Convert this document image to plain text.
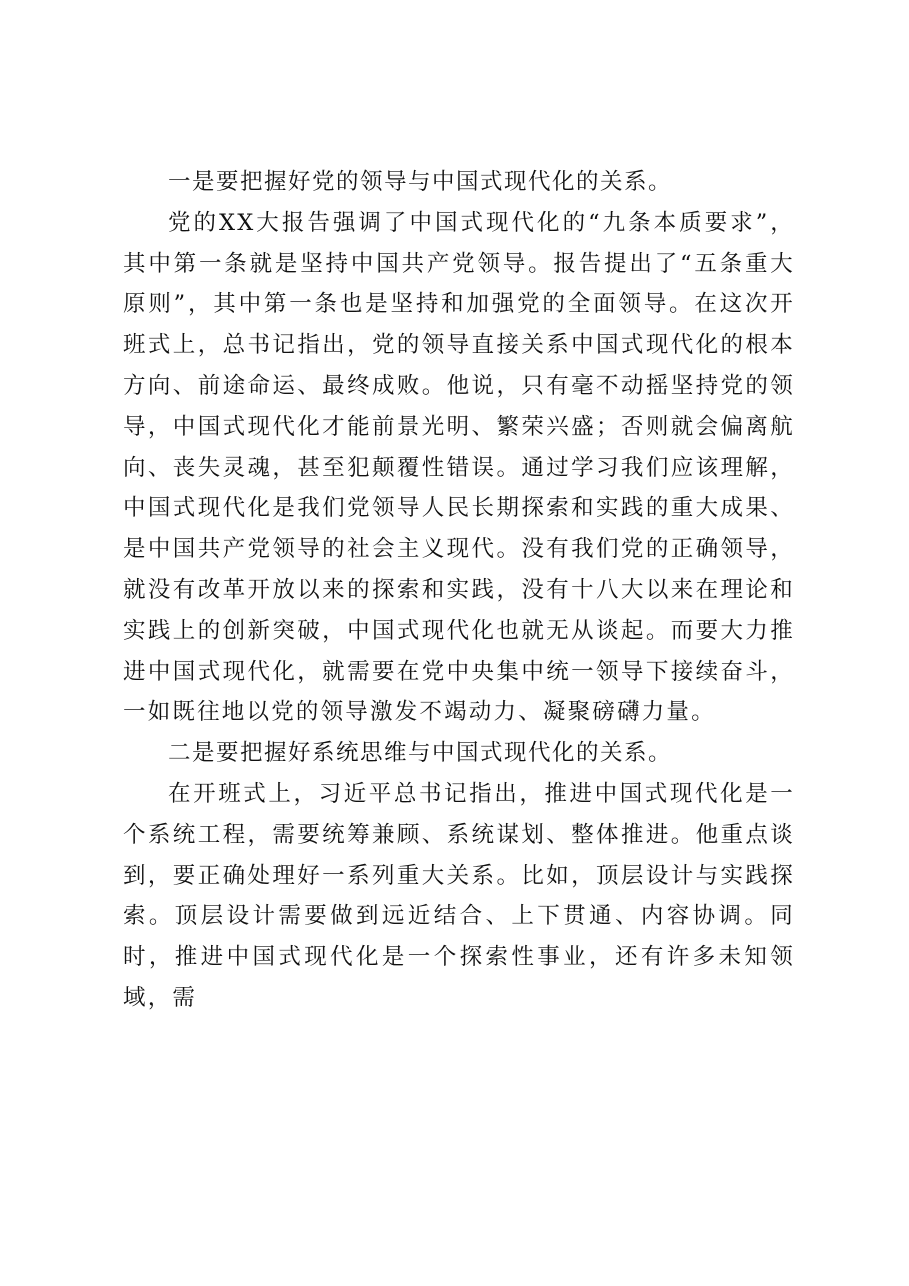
一是要把握好党的领导与中国式现代化的关系。

党的XX大报告强调了中国式现代化的“九条本质要求”，其中第一条就是坚持中国共产党领导。报告提出了“五条重大原则”，其中第一条也是坚持和加强党的全面领导。在这次开班式上，总书记指出，党的领导直接关系中国式现代化的根本方向、前途命运、最终成败。他说，只有毫不动摇坚持党的领导，中国式现代化才能前景光明、繁荣兴盛；否则就会偏离航向、丧失灵魂，甚至犯颠覆性错误。通过学习我们应该理解，中国式现代化是我们党领导人民长期探索和实践的重大成果、是中国共产党领导的社会主义现代。没有我们党的正确领导，就没有改革开放以来的探索和实践，没有十八大以来在理论和实践上的创新突破，中国式现代化也就无从谈起。而要大力推进中国式现代化，就需要在党中央集中统一领导下接续奋斗，一如既往地以党的领导激发不竭动力、凝聚磅礴力量。

二是要把握好系统思维与中国式现代化的关系。

在开班式上，习近平总书记指出，推进中国式现代化是一个系统工程，需要统筹兼顾、系统谋划、整体推进。他重点谈到，要正确处理好一系列重大关系。比如，顶层设计与实践探索。顶层设计需要做到远近结合、上下贯通、内容协调。同时，推进中国式现代化是一个探索性事业，还有许多未知领域，需
